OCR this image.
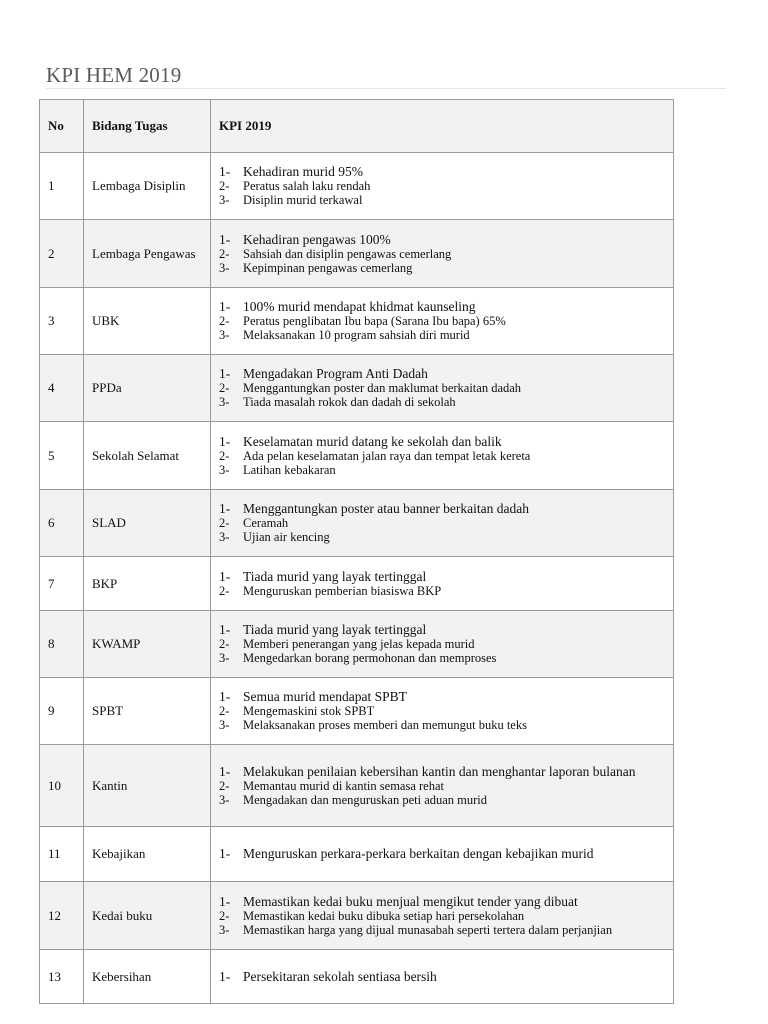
KPI HEM 2019
No	Bidang Tugas	KPI 2019
1	Lembaga Disiplin	1- Kehadiran murid 95%
2- Peratus salah laku rendah
3- Disiplin murid terkawal

2	Lembaga Pengawas	1- Kehadiran pengawas 100%
2- Sahsiah dan disiplin pengawas cemerlang
3- Kepimpinan pengawas cemerlang

3	UBK	1- 100% murid mendapat khidmat kaunseling
2- Peratus penglibatan Ibu bapa (Sarana Ibu bapa) 65%
3- Melaksanakan 10 program sahsiah diri murid

4	PPDa	1- Mengadakan Program Anti Dadah
2- Menggantungkan poster dan maklumat berkaitan dadah
3- Tiada masalah rokok dan dadah di sekolah

5	Sekolah Selamat	1- Keselamatan murid datang ke sekolah dan balik
2- Ada pelan keselamatan jalan raya dan tempat letak kereta
3- Latihan kebakaran

6	SLAD	1- Menggantungkan poster atau banner berkaitan dadah
2- Ceramah
3- Ujian air kencing

7	BKP	1- Tiada murid yang layak tertinggal
2- Menguruskan pemberian biasiswa BKP

8	KWAMP	1- Tiada murid yang layak tertinggal
2- Memberi penerangan yang jelas kepada murid
3- Mengedarkan borang permohonan dan memproses

9	SPBT	1- Semua murid mendapat SPBT
2- Mengemaskini stok SPBT
3- Melaksanakan proses memberi dan memungut buku teks

10	Kantin	1- Melakukan penilaian kebersihan kantin dan menghantar laporan bulanan
2- Memantau murid di kantin semasa rehat
3- Mengadakan dan menguruskan peti aduan murid

11	Kebajikan	1- Menguruskan perkara-perkara berkaitan dengan kebajikan murid

12	Kedai buku	1- Memastikan kedai buku menjual mengikut tender yang dibuat
2- Memastikan kedai buku dibuka setiap hari persekolahan
3- Memastikan harga yang dijual munasabah seperti tertera dalam perjanjian

13	Kebersihan	1- Persekitaran sekolah sentiasa bersih
